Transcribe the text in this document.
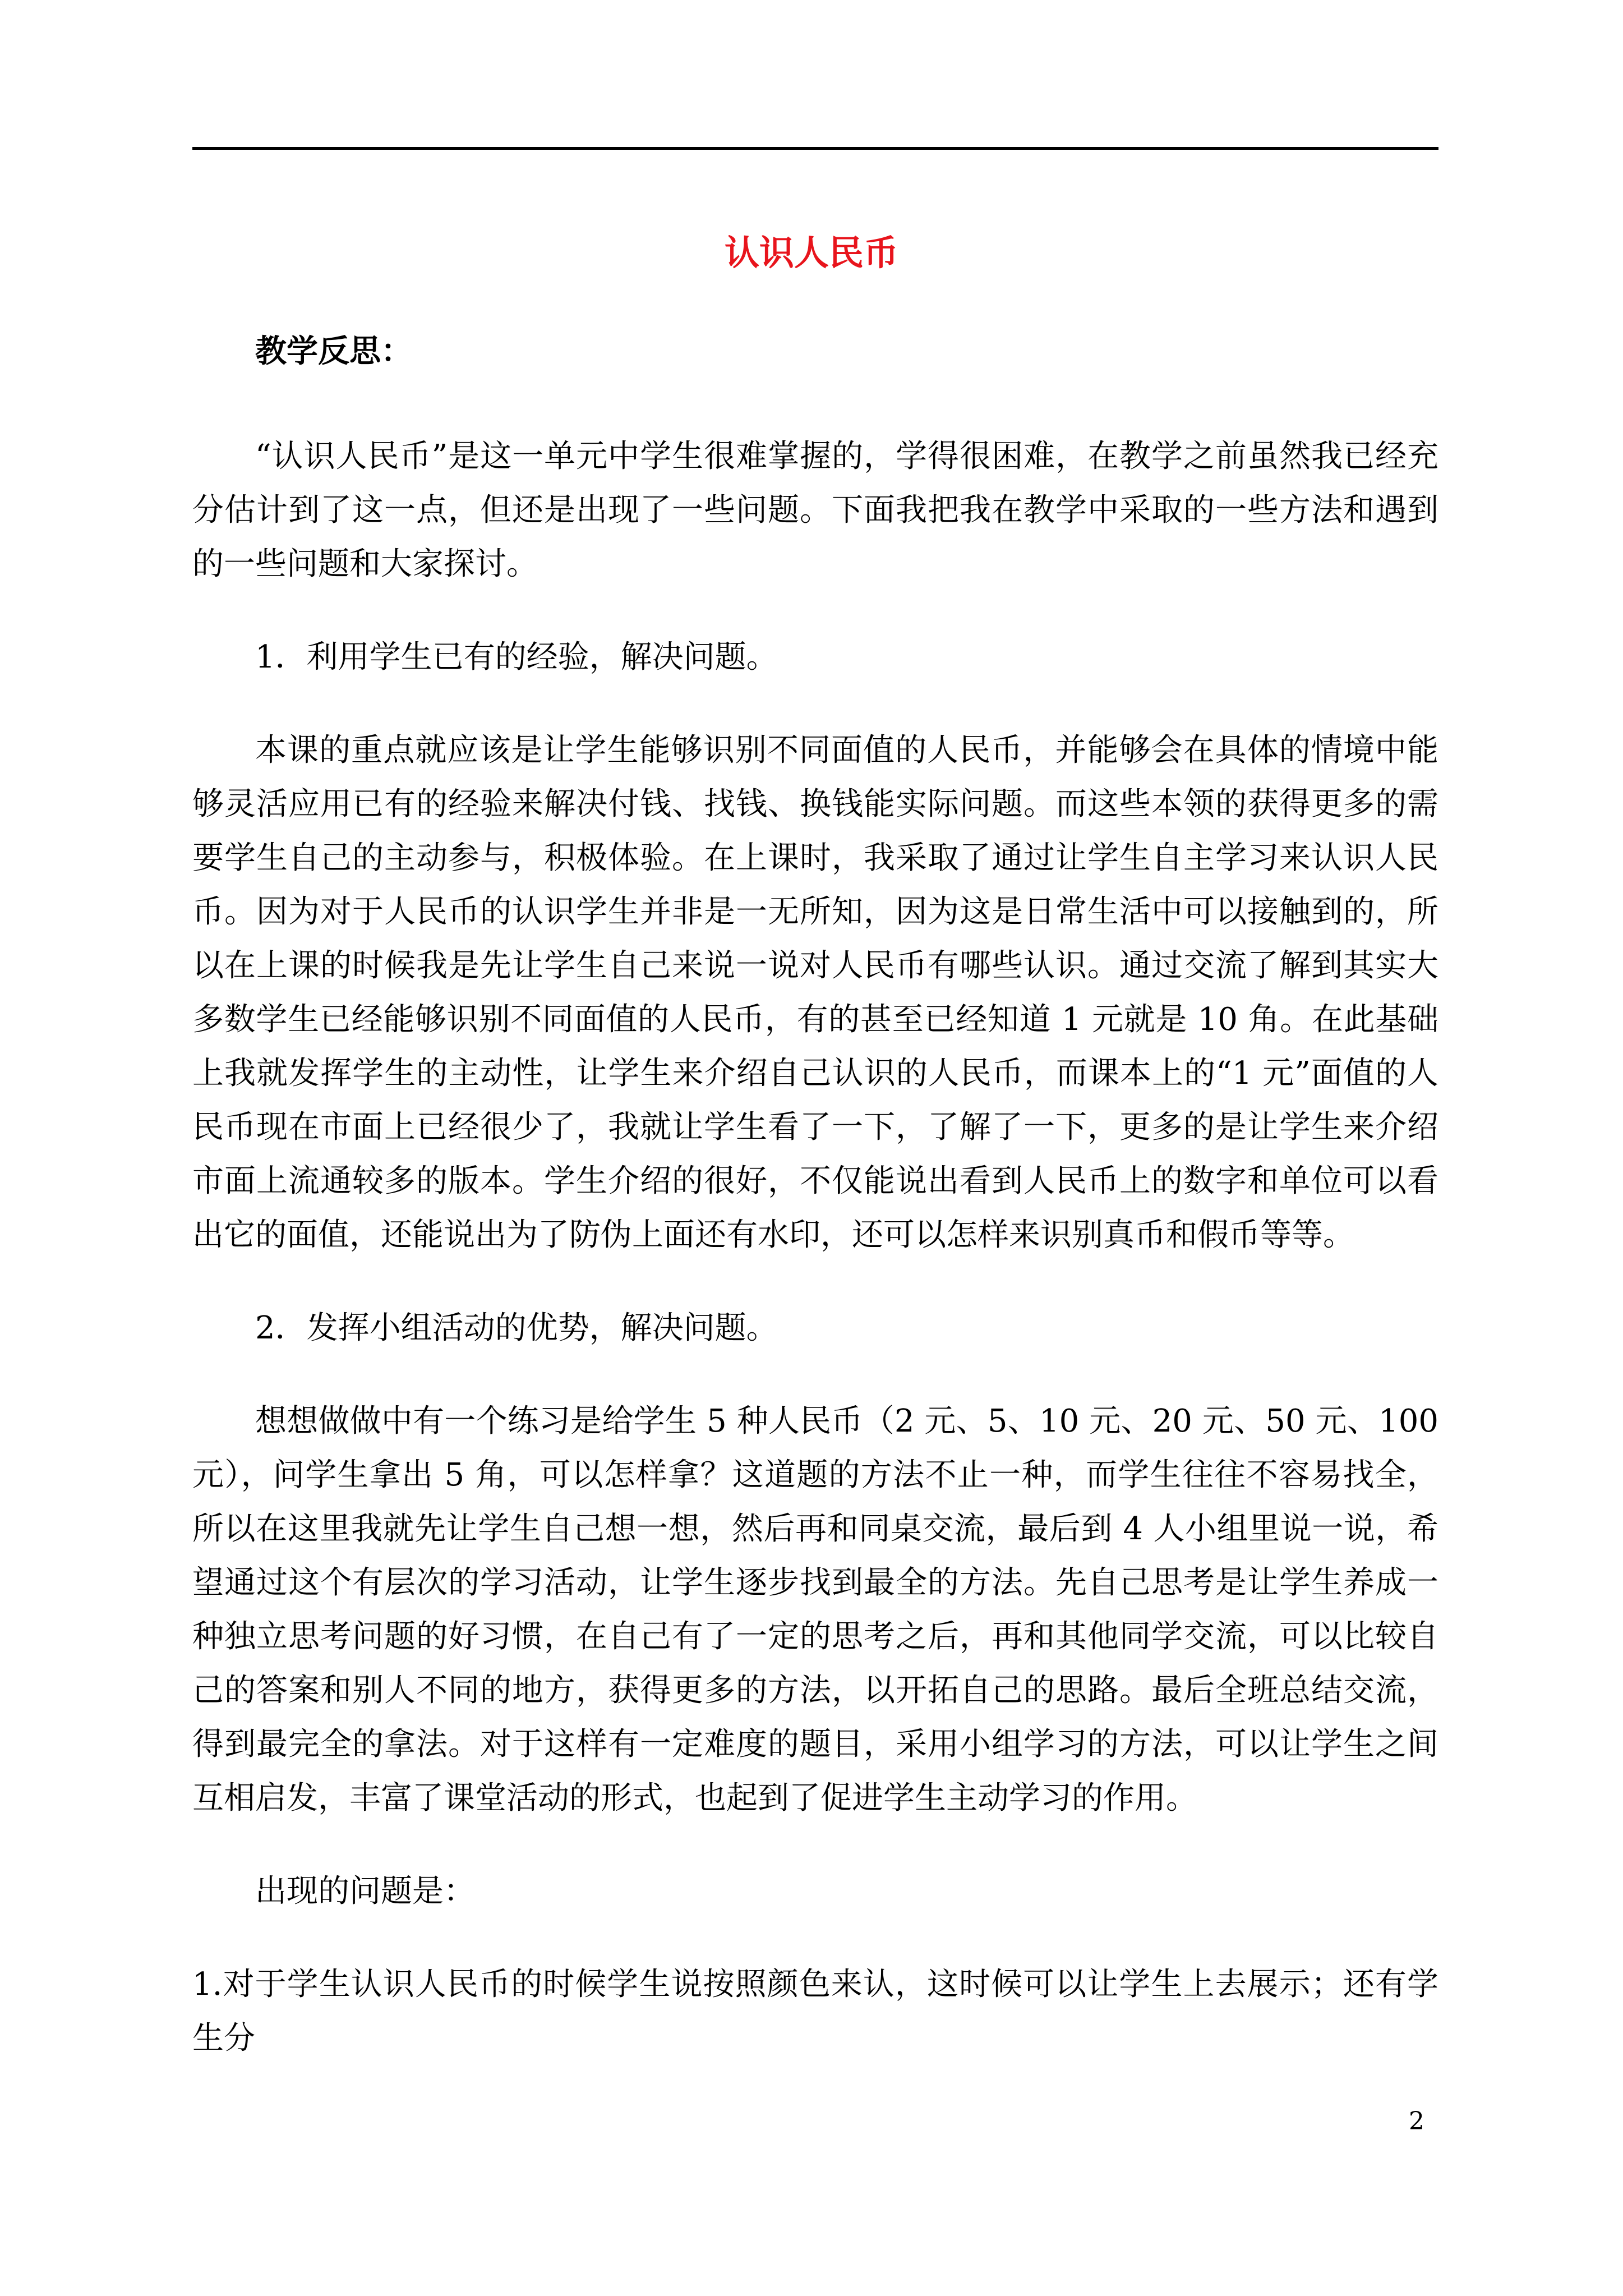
认识人民币

教学反思：

“认识人民币”是这一单元中学生很难掌握的，学得很困难，在教学之前虽然我已经充分估计到了这一点，但还是出现了一些问题。下面我把我在教学中采取的一些方法和遇到的一些问题和大家探讨。

1．利用学生已有的经验，解决问题。

本课的重点就应该是让学生能够识别不同面值的人民币，并能够会在具体的情境中能够灵活应用已有的经验来解决付钱、找钱、换钱能实际问题。而这些本领的获得更多的需要学生自己的主动参与，积极体验。在上课时，我采取了通过让学生自主学习来认识人民币。因为对于人民币的认识学生并非是一无所知，因为这是日常生活中可以接触到的，所以在上课的时候我是先让学生自己来说一说对人民币有哪些认识。通过交流了解到其实大多数学生已经能够识别不同面值的人民币，有的甚至已经知道 1 元就是 10 角。在此基础上我就发挥学生的主动性，让学生来介绍自己认识的人民币，而课本上的“1 元”面值的人民币现在市面上已经很少了，我就让学生看了一下，了解了一下，更多的是让学生来介绍市面上流通较多的版本。学生介绍的很好，不仅能说出看到人民币上的数字和单位可以看出它的面值，还能说出为了防伪上面还有水印，还可以怎样来识别真币和假币等等。

2．发挥小组活动的优势，解决问题。

想想做做中有一个练习是给学生 5 种人民币（2 元、5、10 元、20 元、50 元、100 元），问学生拿出 5 角，可以怎样拿？这道题的方法不止一种，而学生往往不容易找全，所以在这里我就先让学生自己想一想，然后再和同桌交流，最后到 4 人小组里说一说，希望通过这个有层次的学习活动，让学生逐步找到最全的方法。先自己思考是让学生养成一种独立思考问题的好习惯，在自己有了一定的思考之后，再和其他同学交流，可以比较自己的答案和别人不同的地方，获得更多的方法，以开拓自己的思路。最后全班总结交流，得到最完全的拿法。对于这样有一定难度的题目，采用小组学习的方法，可以让学生之间互相启发，丰富了课堂活动的形式，也起到了促进学生主动学习的作用。

出现的问题是：

1.对于学生认识人民币的时候学生说按照颜色来认，这时候可以让学生上去展示；还有学生分

2
